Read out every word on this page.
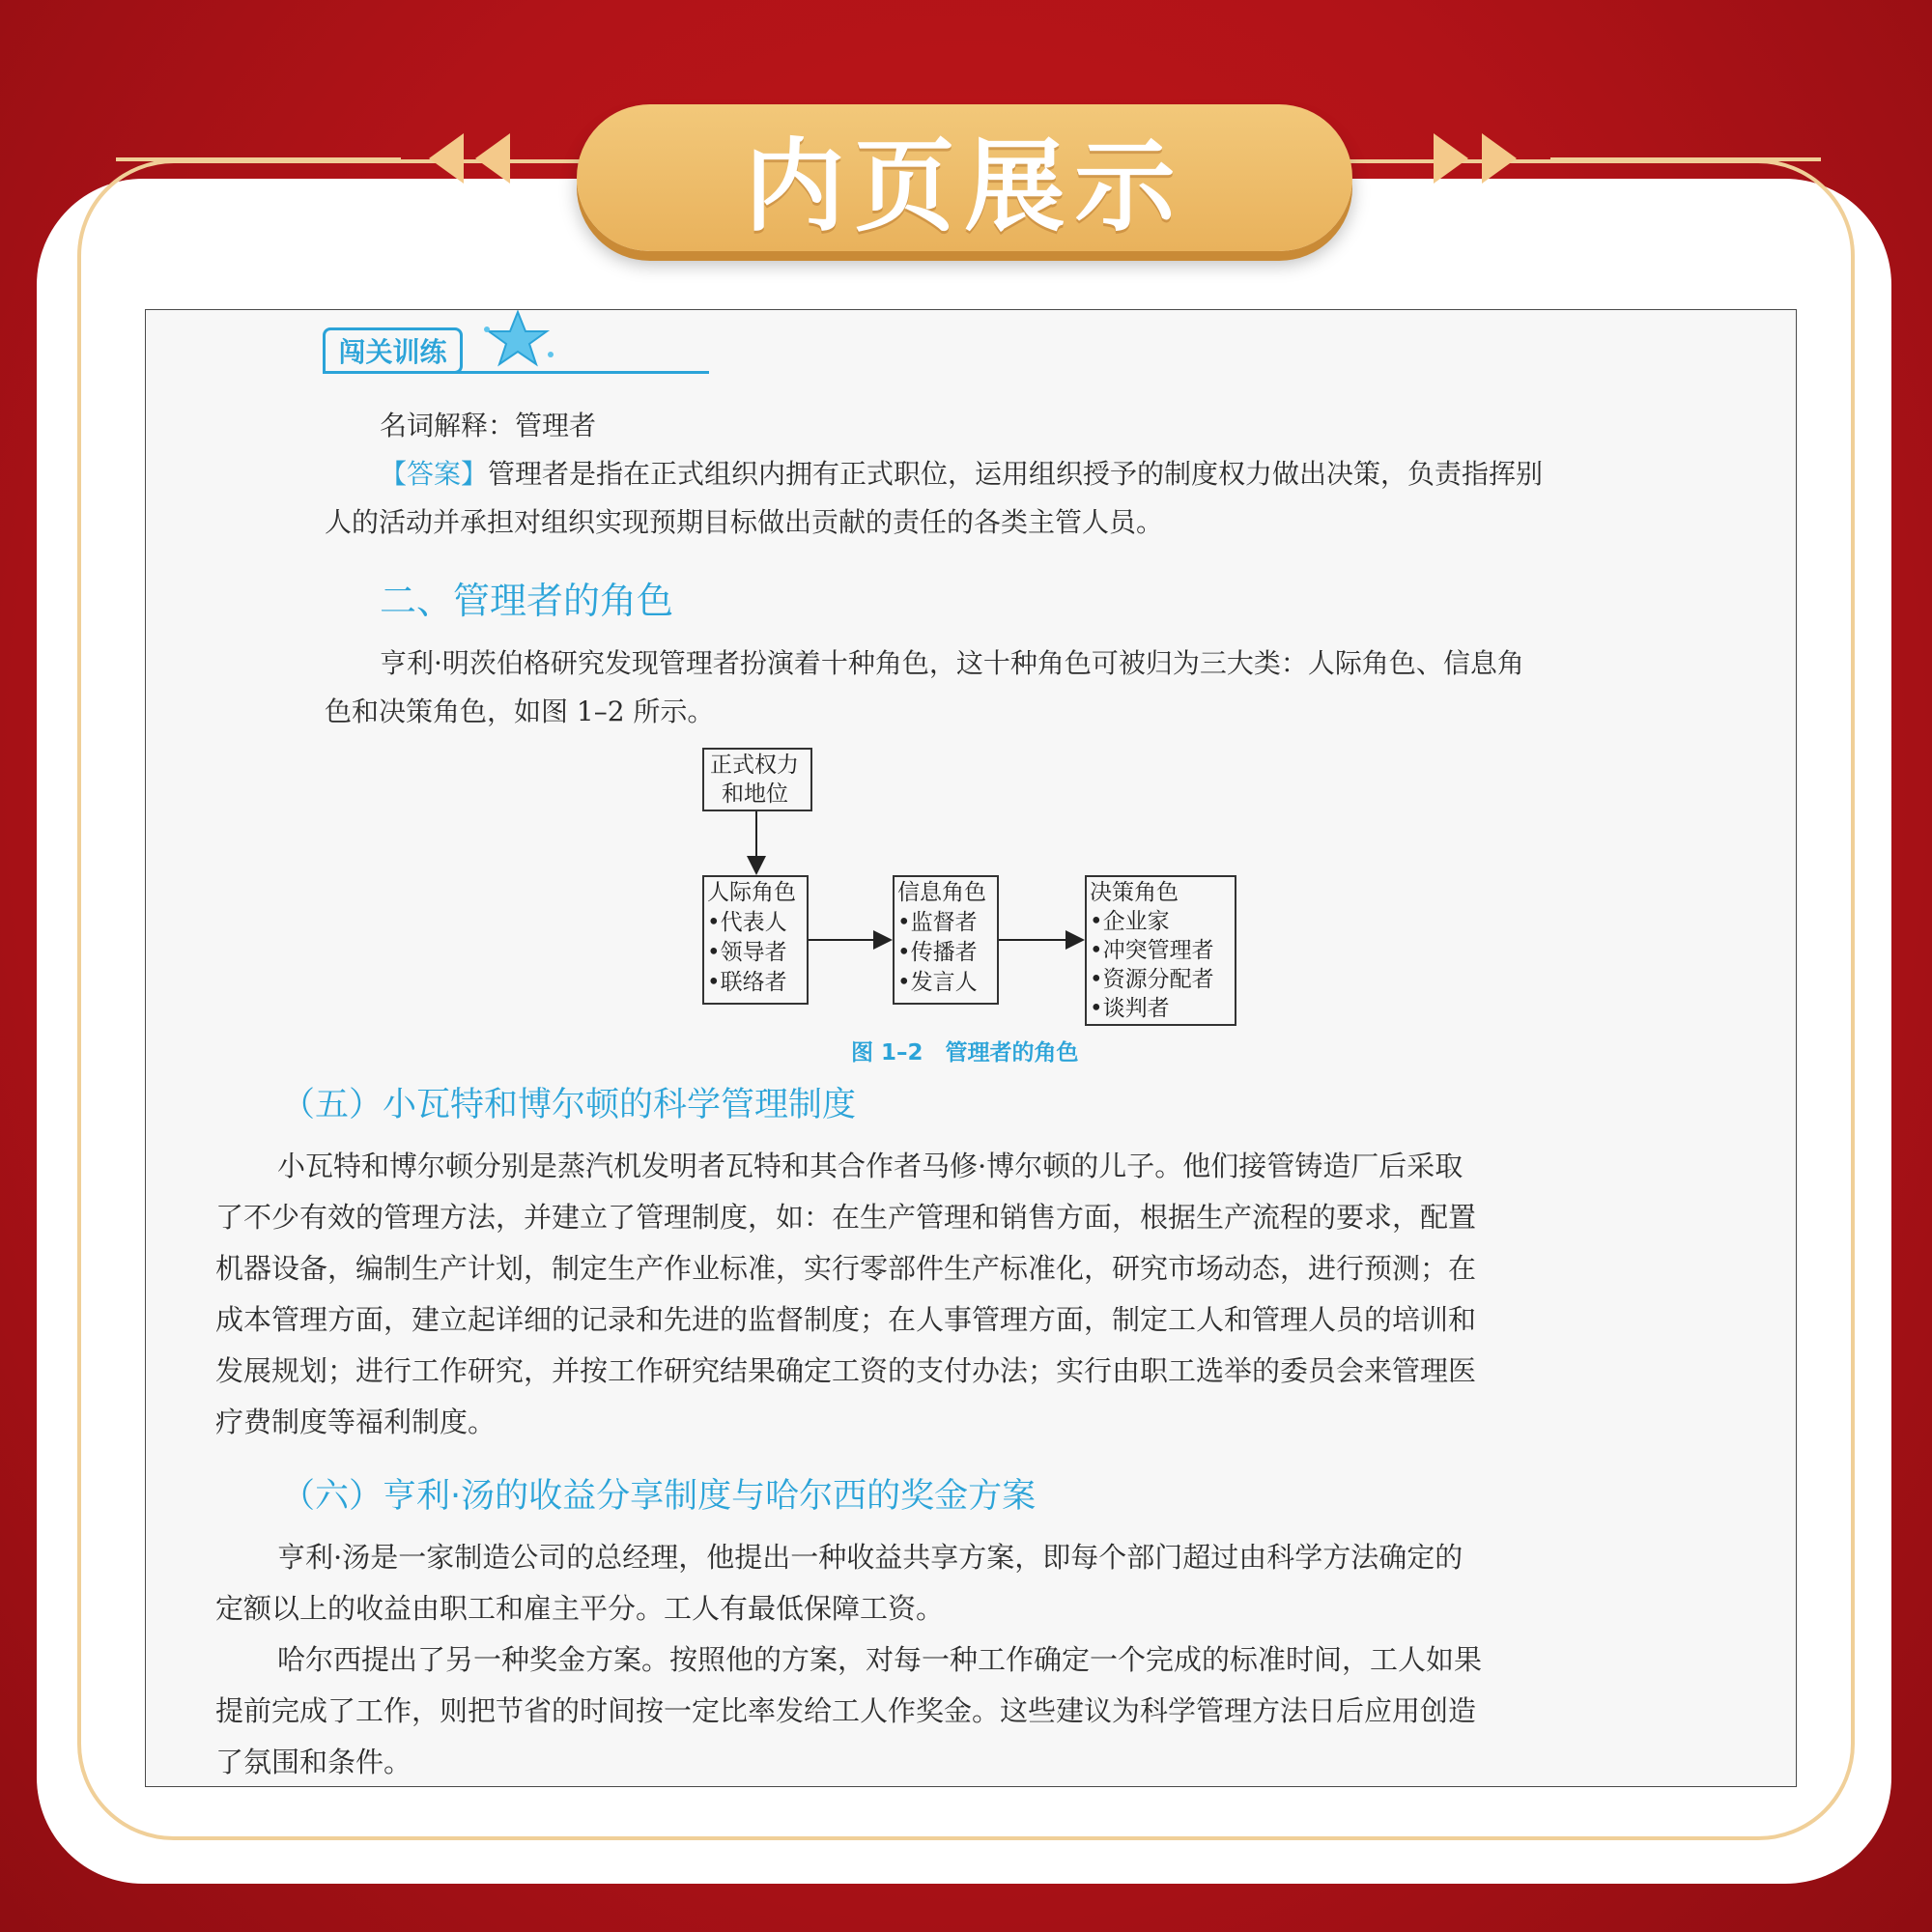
内页展示
闯关训练
名词解释：管理者
【答案】管理者是指在正式组织内拥有正式职位，运用组织授予的制度权力做出决策，负责指挥别
人的活动并承担对组织实现预期目标做出贡献的责任的各类主管人员。
二、管理者的角色
亨利·明茨伯格研究发现管理者扮演着十种角色，这十种角色可被归为三大类：人际角色、信息角
色和决策角色，如图 1–2 所示。
正式权力
和地位
人际角色
•代表人
•领导者
•联络者
信息角色
•监督者
•传播者
•发言人
决策角色
•企业家
•冲突管理者
•资源分配者
•谈判者
图 1–2　管理者的角色
（五）小瓦特和博尔顿的科学管理制度
小瓦特和博尔顿分别是蒸汽机发明者瓦特和其合作者马修·博尔顿的儿子。他们接管铸造厂后采取
了不少有效的管理方法，并建立了管理制度，如：在生产管理和销售方面，根据生产流程的要求，配置
机器设备，编制生产计划，制定生产作业标准，实行零部件生产标准化，研究市场动态，进行预测；在
成本管理方面，建立起详细的记录和先进的监督制度；在人事管理方面，制定工人和管理人员的培训和
发展规划；进行工作研究，并按工作研究结果确定工资的支付办法；实行由职工选举的委员会来管理医
疗费制度等福利制度。
（六）亨利·汤的收益分享制度与哈尔西的奖金方案
亨利·汤是一家制造公司的总经理，他提出一种收益共享方案，即每个部门超过由科学方法确定的
定额以上的收益由职工和雇主平分。工人有最低保障工资。
哈尔西提出了另一种奖金方案。按照他的方案，对每一种工作确定一个完成的标准时间，工人如果
提前完成了工作，则把节省的时间按一定比率发给工人作奖金。这些建议为科学管理方法日后应用创造
了氛围和条件。
